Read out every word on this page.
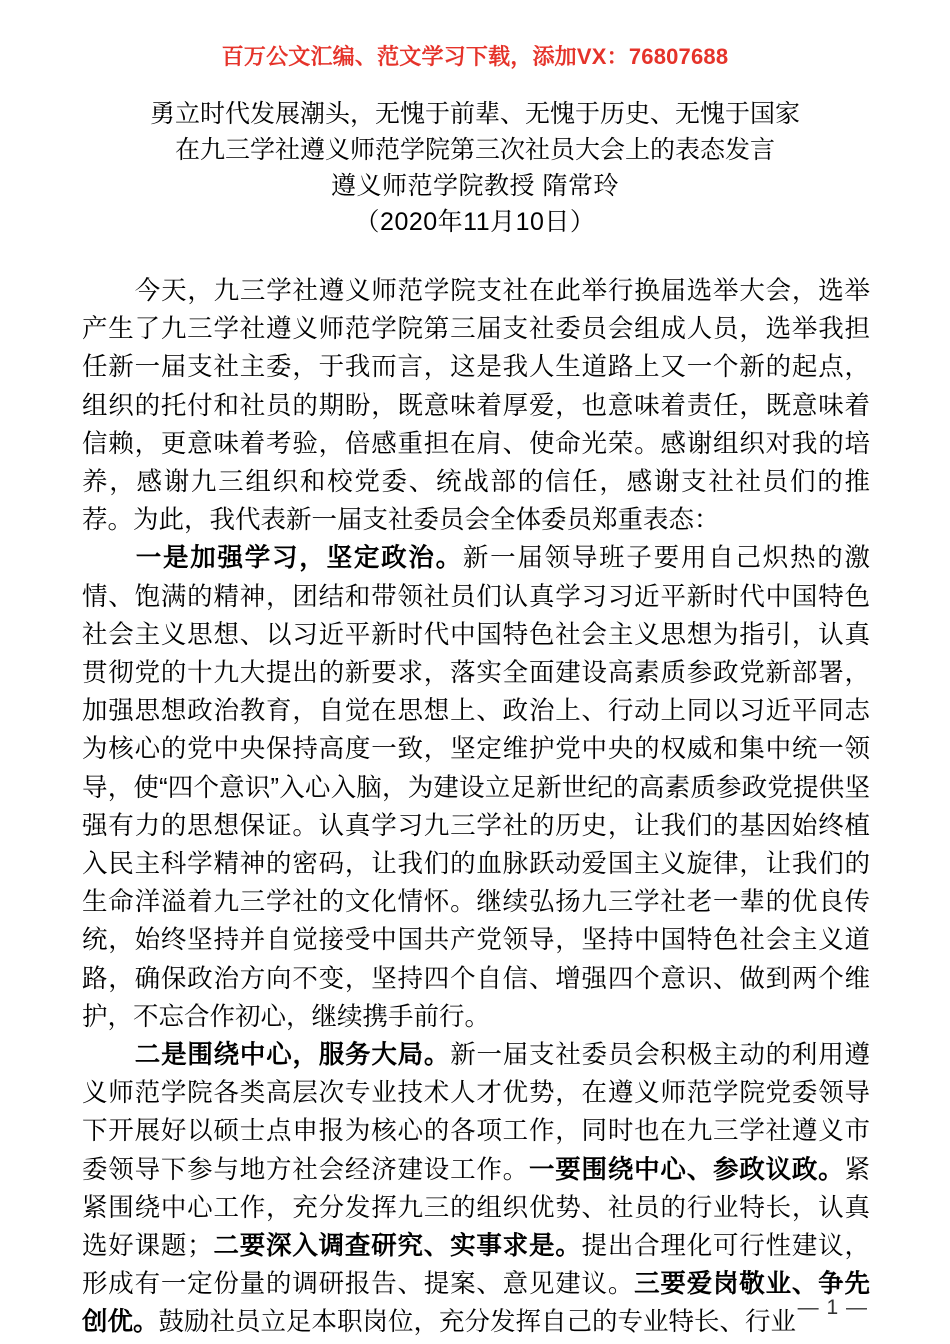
百万公文汇编、范文学习下载，添加VX：76807688
勇立时代发展潮头，无愧于前辈、无愧于历史、无愧于国家
在九三学社遵义师范学院第三次社员大会上的表态发言
遵义师范学院教授 隋常玲
（2020年11月10日）

今天，九三学社遵义师范学院支社在此举行换届选举大会，选举产生了九三学社遵义师范学院第三届支社委员会组成人员，选举我担任新一届支社主委，于我而言，这是我人生道路上又一个新的起点，组织的托付和社员的期盼，既意味着厚爱，也意味着责任，既意味着信赖，更意味着考验，倍感重担在肩、使命光荣。感谢组织对我的培养，感谢九三组织和校党委、统战部的信任，感谢支社社员们的推荐。为此，我代表新一届支社委员会全体委员郑重表态：

一是加强学习，坚定政治。新一届领导班子要用自己炽热的激情、饱满的精神，团结和带领社员们认真学习习近平新时代中国特色社会主义思想、以习近平新时代中国特色社会主义思想为指引，认真贯彻党的十九大提出的新要求，落实全面建设高素质参政党新部署，加强思想政治教育，自觉在思想上、政治上、行动上同以习近平同志为核心的党中央保持高度一致，坚定维护党中央的权威和集中统一领导，使“四个意识”入心入脑，为建设立足新世纪的高素质参政党提供坚强有力的思想保证。认真学习九三学社的历史，让我们的基因始终植入民主科学精神的密码，让我们的血脉跃动爱国主义旋律，让我们的生命洋溢着九三学社的文化情怀。继续弘扬九三学社老一辈的优良传统，始终坚持并自觉接受中国共产党领导，坚持中国特色社会主义道路，确保政治方向不变，坚持四个自信、增强四个意识、做到两个维护，不忘合作初心，继续携手前行。

二是围绕中心，服务大局。新一届支社委员会积极主动的利用遵义师范学院各类高层次专业技术人才优势，在遵义师范学院党委领导下开展好以硕士点申报为核心的各项工作，同时也在九三学社遵义市委领导下参与地方社会经济建设工作。一要围绕中心、参政议政。紧紧围绕中心工作，充分发挥九三的组织优势、社员的行业特长，认真选好课题；二要深入调查研究、实事求是。提出合理化可行性建议，形成有一定份量的调研报告、提案、意见建议。三要爱岗敬业、争先创优。鼓励社员立足本职岗位，充分发挥自己的专业特长、行业

— 1 —
